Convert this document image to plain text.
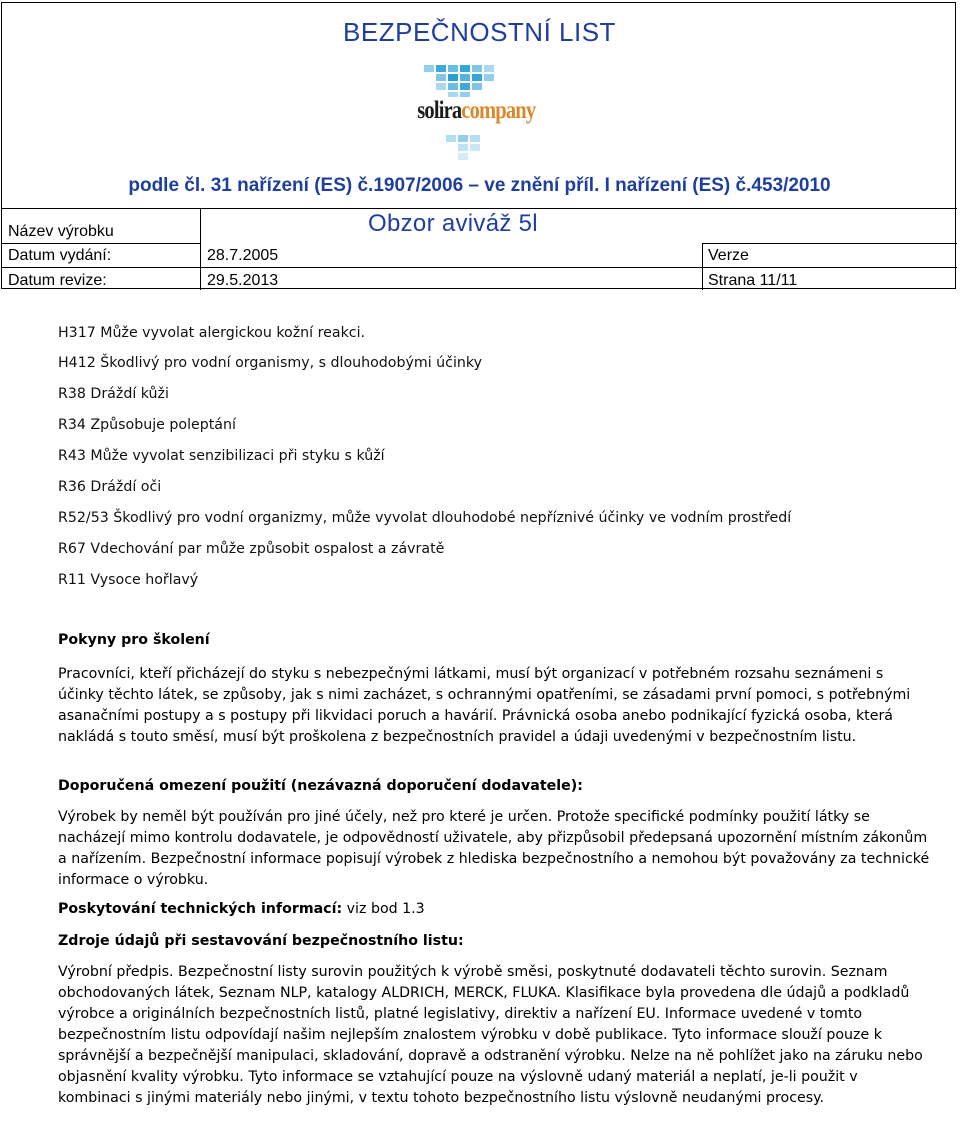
BEZPEČNOSTNÍ LIST
soliracompany
podle čl. 31 nařízení (ES) č.1907/2006 – ve znění příl. I nařízení (ES) č.453/2010
Název výrobku	Obzor aviváž 5l
Datum vydání:	28.7.2005	Verze
Datum revize:	29.5.2013	Strana 11/11
H317 Může vyvolat alergickou kožní reakci.
H412 Škodlivý pro vodní organismy, s dlouhodobými účinky
R38 Dráždí kůži
R34 Způsobuje poleptání
R43 Může vyvolat senzibilizaci při styku s kůží
R36 Dráždí oči
R52/53 Škodlivý pro vodní organizmy, může vyvolat dlouhodobé nepříznivé účinky ve vodním prostředí
R67 Vdechování par může způsobit ospalost a závratě
R11 Vysoce hořlavý
Pokyny pro školení
Pracovníci, kteří přicházejí do styku s nebezpečnými látkami, musí být organizací v potřebném rozsahu seznámeni s účinky těchto látek, se způsoby, jak s nimi zacházet, s ochrannými opatřeními, se zásadami první pomoci, s potřebnými asanačními postupy a s postupy při likvidaci poruch a havárií. Právnická osoba anebo podnikající fyzická osoba, která nakládá s touto směsí, musí být proškolena z bezpečnostních pravidel a údaji uvedenými v bezpečnostním listu.
Doporučená omezení použití (nezávazná doporučení dodavatele):
Výrobek by neměl být používán pro jiné účely, než pro které je určen. Protože specifické podmínky použití látky se nacházejí mimo kontrolu dodavatele, je odpovědností uživatele, aby přizpůsobil předepsaná upozornění místním zákonům a nařízením. Bezpečnostní informace popisují výrobek z hlediska bezpečnostního a nemohou být považovány za technické informace o výrobku.
Poskytování technických informací: viz bod 1.3
Zdroje údajů při sestavování bezpečnostního listu:
Výrobní předpis. Bezpečnostní listy surovin použitých k výrobě směsi, poskytnuté dodavateli těchto surovin. Seznam obchodovaných látek, Seznam NLP, katalogy ALDRICH, MERCK, FLUKA. Klasifikace byla provedena dle údajů a podkladů výrobce a originálních bezpečnostních listů, platné legislativy, direktiv a nařízení EU. Informace uvedené v tomto bezpečnostním listu odpovídají našim nejlepším znalostem výrobku v době publikace. Tyto informace slouží pouze k správnější a bezpečnější manipulaci, skladování, dopravě a odstranění výrobku. Nelze na ně pohlížet jako na záruku nebo objasnění kvality výrobku. Tyto informace se vztahující pouze na výslovně udaný materiál a neplatí, je-li použit v kombinaci s jinými materiály nebo jinými, v textu tohoto bezpečnostního listu výslovně neudanými procesy.
